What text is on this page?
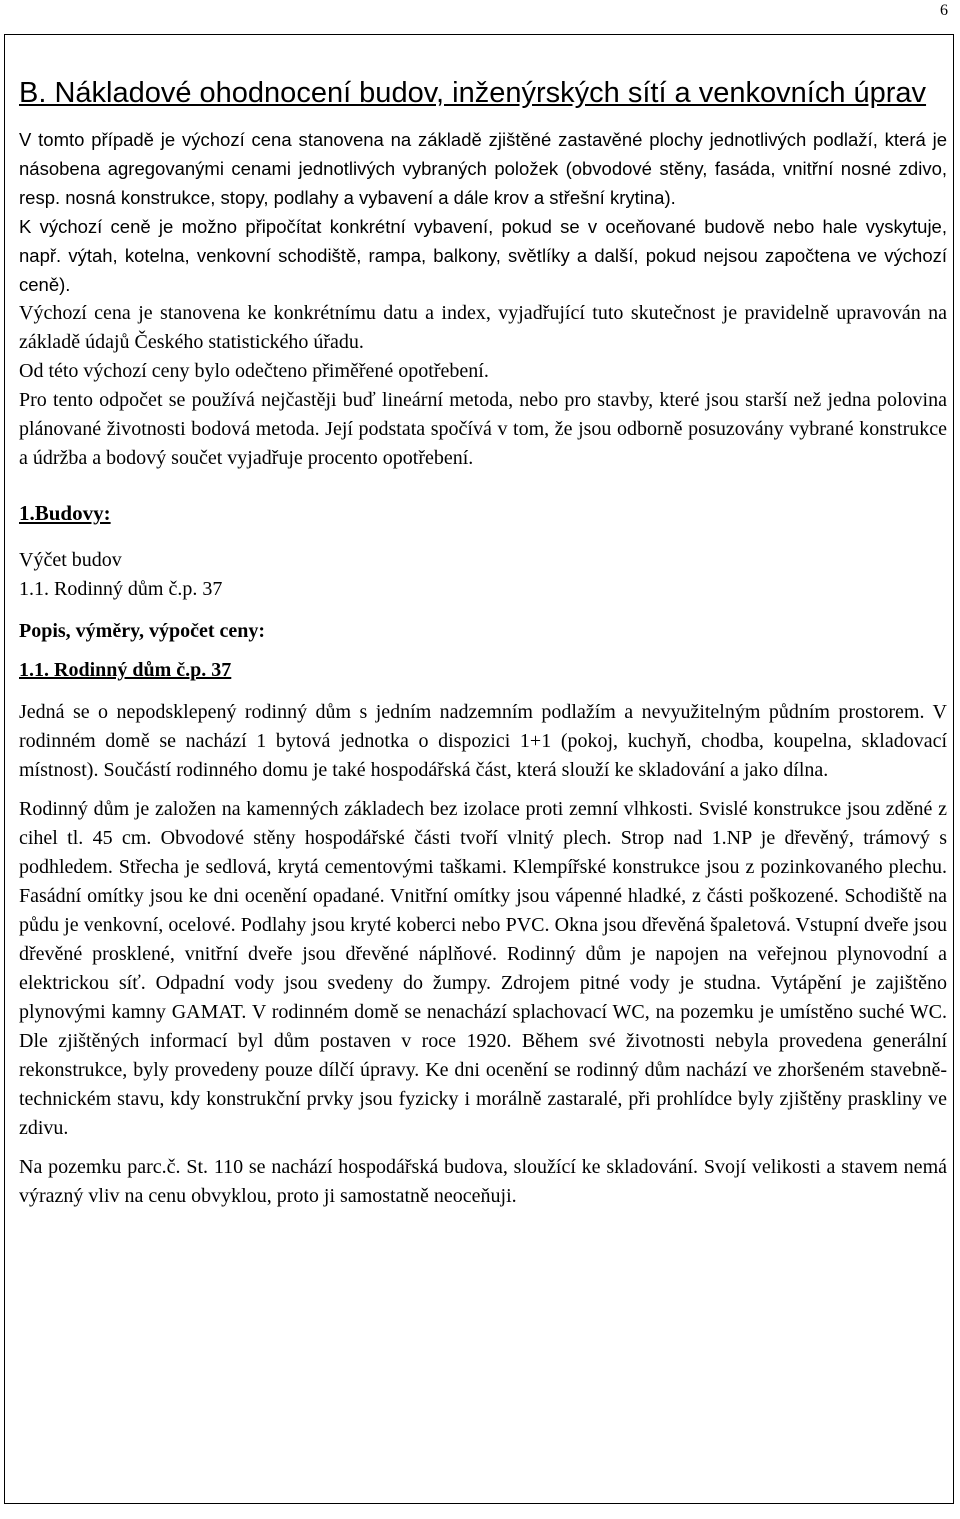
6
B. Nákladové ohodnocení budov, inženýrských sítí a venkovních úprav

V tomto případě je výchozí cena stanovena na základě zjištěné zastavěné plochy jednotlivých podlaží, která je násobena agregovanými cenami jednotlivých vybraných položek (obvodové stěny, fasáda, vnitřní nosné zdivo, resp. nosná konstrukce, stopy, podlahy a vybavení a dále krov a střešní krytina).

K výchozí ceně je možno připočítat konkrétní vybavení, pokud se v oceňované budově nebo hale vyskytuje, např. výtah, kotelna, venkovní schodiště, rampa, balkony, světlíky a další, pokud nejsou započtena ve výchozí ceně).

Výchozí cena je stanovena ke konkrétnímu datu a index, vyjadřující tuto skutečnost je pravidelně upravován na základě údajů Českého statistického úřadu.

Od této výchozí ceny bylo odečteno přiměřené opotřebení.

Pro tento odpočet se používá nejčastěji buď lineární metoda, nebo pro stavby, které jsou starší než jedna polovina plánované životnosti bodová metoda. Její podstata spočívá v tom, že jsou odborně posuzovány vybrané konstrukce a údržba a bodový součet vyjadřuje procento opotřebení.

1.Budovy:

Výčet budov

1.1. Rodinný dům č.p. 37

Popis, výměry, výpočet ceny:
1.1. Rodinný dům č.p. 37

Jedná se o nepodsklepený rodinný dům s jedním nadzemním podlažím a nevyužitelným půdním prostorem. V rodinném domě se nachází 1 bytová jednotka o dispozici 1+1 (pokoj, kuchyň, chodba, koupelna, skladovací místnost). Součástí rodinného domu je také hospodářská část, která slouží ke skladování a jako dílna.

Rodinný dům je založen na kamenných základech bez izolace proti zemní vlhkosti. Svislé konstrukce jsou zděné z cihel tl. 45 cm. Obvodové stěny hospodářské části tvoří vlnitý plech. Strop nad 1.NP je dřevěný, trámový s podhledem. Střecha je sedlová, krytá cementovými taškami. Klempířské konstrukce jsou z pozinkovaného plechu. Fasádní omítky jsou ke dni ocenění opadané. Vnitřní omítky jsou vápenné hladké, z části poškozené. Schodiště na půdu je venkovní, ocelové. Podlahy jsou kryté koberci nebo PVC. Okna jsou dřevěná špaletová. Vstupní dveře jsou dřevěné prosklené, vnitřní dveře jsou dřevěné náplňové. Rodinný dům je napojen na veřejnou plynovodní a elektrickou síť. Odpadní vody jsou svedeny do žumpy. Zdrojem pitné vody je studna. Vytápění je zajištěno plynovými kamny GAMAT. V rodinném domě se nenachází splachovací WC, na pozemku je umístěno suché WC. Dle zjištěných informací byl dům postaven v roce 1920. Během své životnosti nebyla provedena generální rekonstrukce, byly provedeny pouze dílčí úpravy. Ke dni ocenění se rodinný dům nachází ve zhoršeném stavebně-technickém stavu, kdy konstrukční prvky jsou fyzicky i morálně zastaralé, při prohlídce byly zjištěny praskliny ve zdivu.

Na pozemku parc.č. St. 110 se nachází hospodářská budova, sloužící ke skladování. Svojí velikosti a stavem nemá výrazný vliv na cenu obvyklou, proto ji samostatně neoceňuji.
